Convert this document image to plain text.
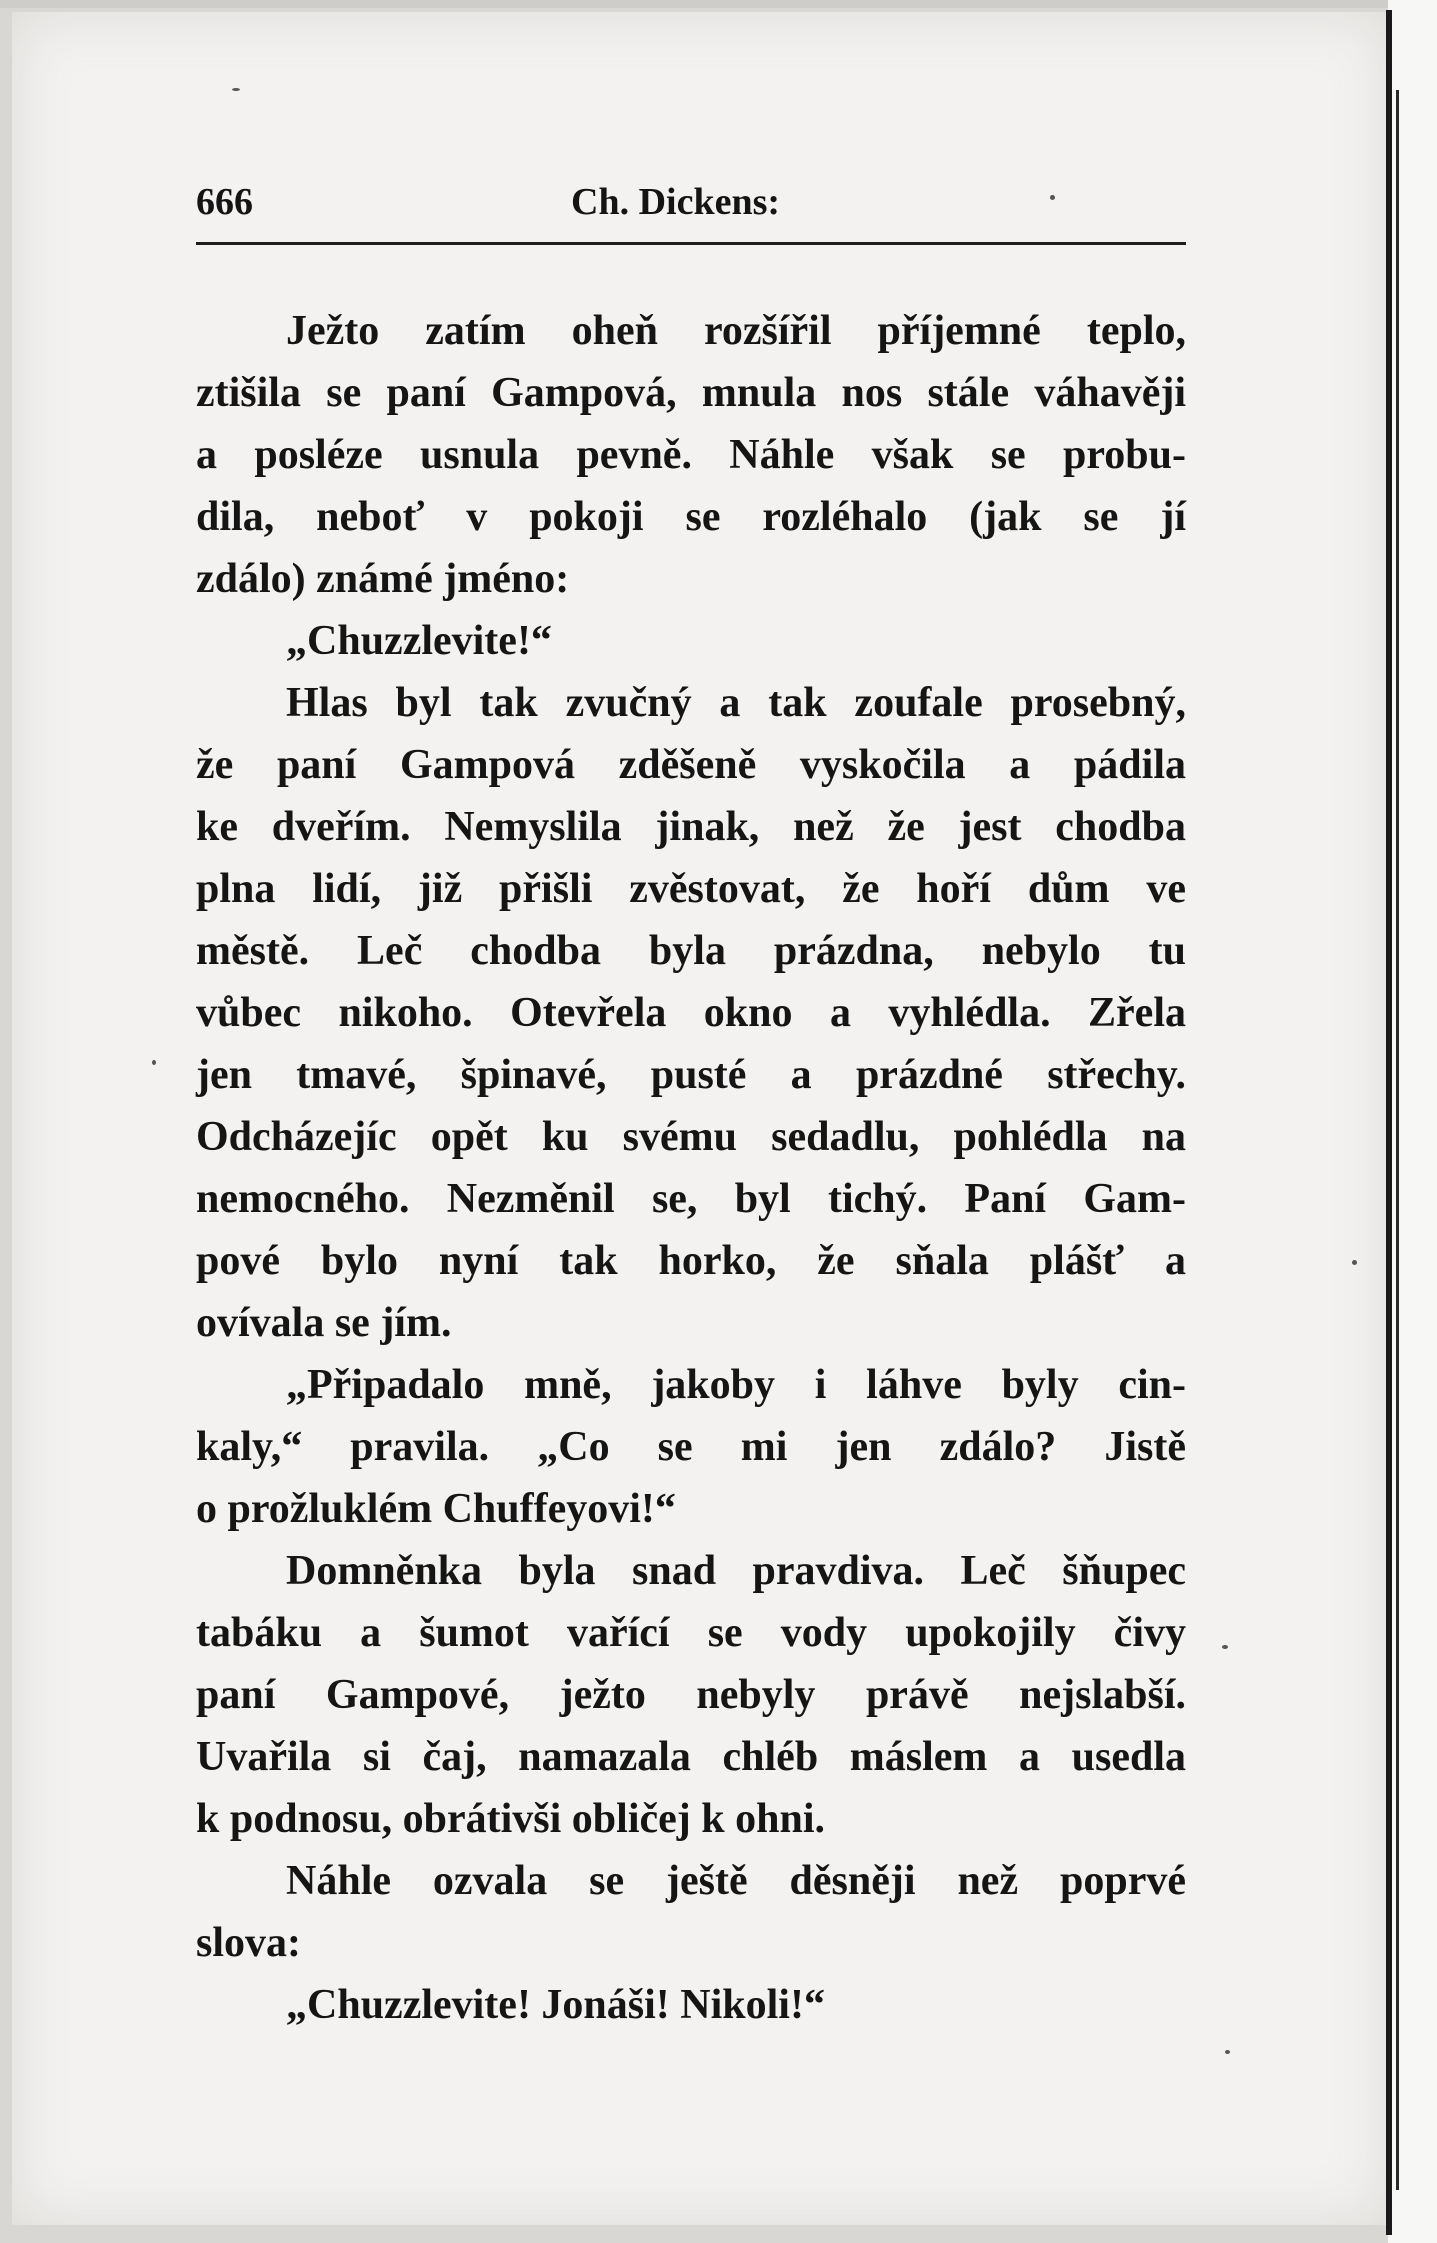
666	Ch. Dickens:
Ježto zatím oheň rozšířil příjemné teplo,
ztišila se paní Gampová, mnula nos stále váhavěji
a posléze usnula pevně. Náhle však se probu-
dila, neboť v pokoji se rozléhalo (jak se jí
zdálo) známé jméno:
„Chuzzlevite!“
Hlas byl tak zvučný a tak zoufale prosebný,
že paní Gampová zděšeně vyskočila a pádila
ke dveřím. Nemyslila jinak, než že jest chodba
plna lidí, již přišli zvěstovat, že hoří dům ve
městě. Leč chodba byla prázdna, nebylo tu
vůbec nikoho. Otevřela okno a vyhlédla. Zřela
jen tmavé, špinavé, pusté a prázdné střechy.
Odcházejíc opět ku svému sedadlu, pohlédla na
nemocného. Nezměnil se, byl tichý. Paní Gam-
pové bylo nyní tak horko, že sňala plášť a
ovívala se jím.
„Připadalo mně, jakoby i láhve byly cin-
kaly,“ pravila. „Co se mi jen zdálo? Jistě
o prožluklém Chuffeyovi!“
Domněnka byla snad pravdiva. Leč šňupec
tabáku a šumot vařící se vody upokojily čivy
paní Gampové, ježto nebyly právě nejslabší.
Uvařila si čaj, namazala chléb máslem a usedla
k podnosu, obrátivši obličej k ohni.
Náhle ozvala se ještě děsněji než poprvé
slova:
„Chuzzlevite! Jonáši! Nikoli!“
